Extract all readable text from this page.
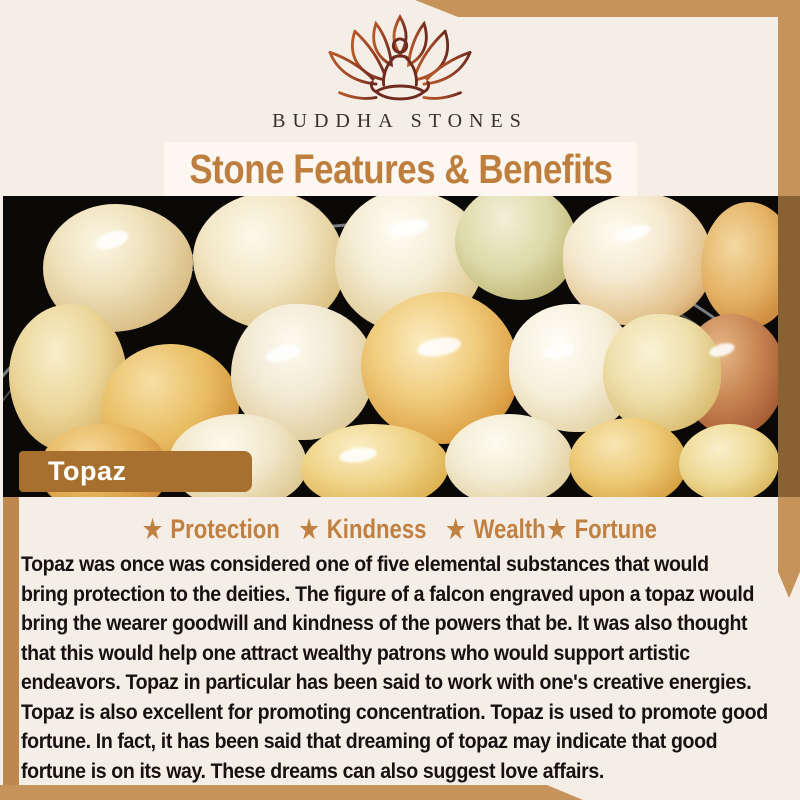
BUDDHA STONES
Stone Features & Benefits
Topaz
★ Protection ★ Kindness ★ Wealth ★ Fortune
Topaz was once was considered one of five elemental substances that would
bring protection to the deities. The figure of a falcon engraved upon a topaz would
bring the wearer goodwill and kindness of the powers that be. It was also thought
that this would help one attract wealthy patrons who would support artistic
endeavors. Topaz in particular has been said to work with one's creative energies.
Topaz is also excellent for promoting concentration. Topaz is used to promote good
fortune. In fact, it has been said that dreaming of topaz may indicate that good
fortune is on its way. These dreams can also suggest love affairs.
